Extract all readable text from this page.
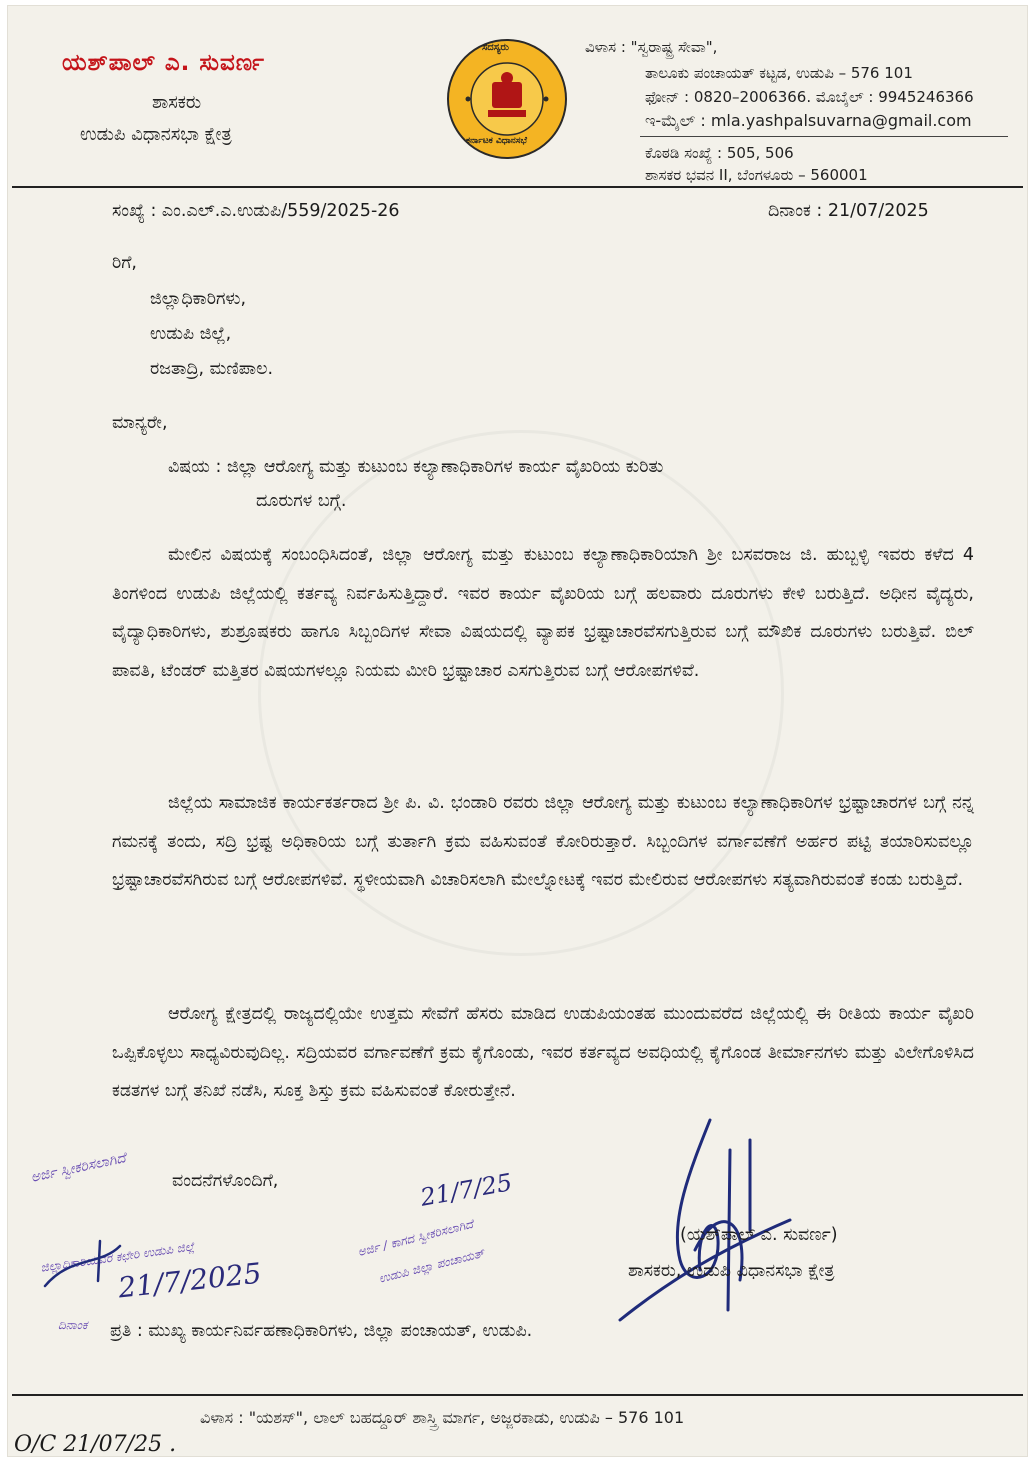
ಯಶ್‌ಪಾಲ್ ಎ. ಸುವರ್ಣ
ಶಾಸಕರು
ಉಡುಪಿ ವಿಧಾನಸಭಾ ಕ್ಷೇತ್ರ
ಸದಸ್ಯರು
ಕರ್ನಾಟಕ ವಿಧಾನಸಭೆ
ವಿಳಾಸ : "ಸ್ವರಾಷ್ಟ್ರ ಸೇವಾ",
ತಾಲೂಕು ಪಂಚಾಯತ್ ಕಟ್ಟಡ, ಉಡುಪಿ – 576 101
ಫೋನ್ : 0820–2006366. ಮೊಬೈಲ್ : 9945246366
ಇ-ಮೈಲ್ : mla.yashpalsuvarna@gmail.com
ಕೊಠಡಿ ಸಂಖ್ಯೆ : 505, 506
ಶಾಸಕರ ಭವನ II, ಬೆಂಗಳೂರು – 560001
ಸಂಖ್ಯೆ : ಎಂ.ಎಲ್.ಎ.ಉಡುಪಿ/559/2025-26	ದಿನಾಂಕ : 21/07/2025
ರಿಗೆ,
ಜಿಲ್ಲಾಧಿಕಾರಿಗಳು,
ಉಡುಪಿ ಜಿಲ್ಲೆ,
ರಜತಾದ್ರಿ, ಮಣಿಪಾಲ.
ಮಾನ್ಯರೇ,
ವಿಷಯ : ಜಿಲ್ಲಾ ಆರೋಗ್ಯ ಮತ್ತು ಕುಟುಂಬ ಕಲ್ಯಾಣಾಧಿಕಾರಿಗಳ ಕಾರ್ಯ ವೈಖರಿಯ ಕುರಿತು
ದೂರುಗಳ ಬಗ್ಗೆ.

ಮೇಲಿನ ವಿಷಯಕ್ಕೆ ಸಂಬಂಧಿಸಿದಂತೆ, ಜಿಲ್ಲಾ ಆರೋಗ್ಯ ಮತ್ತು ಕುಟುಂಬ ಕಲ್ಯಾಣಾಧಿಕಾರಿಯಾಗಿ ಶ್ರೀ ಬಸವರಾಜ ಜಿ. ಹುಬ್ಬಳ್ಳಿ ಇವರು ಕಳೆದ 4 ತಿಂಗಳಿಂದ ಉಡುಪಿ ಜಿಲ್ಲೆಯಲ್ಲಿ ಕರ್ತವ್ಯ ನಿರ್ವಹಿಸುತ್ತಿದ್ದಾರೆ. ಇವರ ಕಾರ್ಯ ವೈಖರಿಯ ಬಗ್ಗೆ ಹಲವಾರು ದೂರುಗಳು ಕೇಳಿ ಬರುತ್ತಿದೆ. ಅಧೀನ ವೈದ್ಯರು, ವೈದ್ಯಾಧಿಕಾರಿಗಳು, ಶುಶ್ರೂಷಕರು ಹಾಗೂ ಸಿಬ್ಬಂದಿಗಳ ಸೇವಾ ವಿಷಯದಲ್ಲಿ ವ್ಯಾಪಕ ಭ್ರಷ್ಟಾಚಾರವೆಸಗುತ್ತಿರುವ ಬಗ್ಗೆ ಮೌಖಿಕ ದೂರುಗಳು ಬರುತ್ತಿವೆ. ಬಿಲ್ ಪಾವತಿ, ಟೆಂಡರ್ ಮತ್ತಿತರ ವಿಷಯಗಳಲ್ಲೂ ನಿಯಮ ಮೀರಿ ಭ್ರಷ್ಟಾಚಾರ ಎಸಗುತ್ತಿರುವ ಬಗ್ಗೆ ಆರೋಪಗಳಿವೆ.

ಜಿಲ್ಲೆಯ ಸಾಮಾಜಿಕ ಕಾರ್ಯಕರ್ತರಾದ ಶ್ರೀ ಪಿ. ವಿ. ಭಂಡಾರಿ ರವರು ಜಿಲ್ಲಾ ಆರೋಗ್ಯ ಮತ್ತು ಕುಟುಂಬ ಕಲ್ಯಾಣಾಧಿಕಾರಿಗಳ ಭ್ರಷ್ಟಾಚಾರಗಳ ಬಗ್ಗೆ ನನ್ನ ಗಮನಕ್ಕೆ ತಂದು, ಸದ್ರಿ ಭ್ರಷ್ಟ ಅಧಿಕಾರಿಯ ಬಗ್ಗೆ ತುರ್ತಾಗಿ ಕ್ರಮ ವಹಿಸುವಂತೆ ಕೋರಿರುತ್ತಾರೆ. ಸಿಬ್ಬಂದಿಗಳ ವರ್ಗಾವಣೆಗೆ ಅರ್ಹರ ಪಟ್ಟಿ ತಯಾರಿಸುವಲ್ಲೂ ಭ್ರಷ್ಟಾಚಾರವೆಸಗಿರುವ ಬಗ್ಗೆ ಆರೋಪಗಳಿವೆ. ಸ್ಥಳೀಯವಾಗಿ ವಿಚಾರಿಸಲಾಗಿ ಮೇಲ್ನೋಟಕ್ಕೆ ಇವರ ಮೇಲಿರುವ ಆರೋಪಗಳು ಸತ್ಯವಾಗಿರುವಂತೆ ಕಂಡು ಬರುತ್ತಿದೆ.

ಆರೋಗ್ಯ ಕ್ಷೇತ್ರದಲ್ಲಿ ರಾಜ್ಯದಲ್ಲಿಯೇ ಉತ್ತಮ ಸೇವೆಗೆ ಹೆಸರು ಮಾಡಿದ ಉಡುಪಿಯಂತಹ ಮುಂದುವರೆದ ಜಿಲ್ಲೆಯಲ್ಲಿ ಈ ರೀತಿಯ ಕಾರ್ಯ ವೈಖರಿ ಒಪ್ಪಿಕೊಳ್ಳಲು ಸಾಧ್ಯವಿರುವುದಿಲ್ಲ. ಸದ್ರಿಯವರ ವರ್ಗಾವಣೆಗೆ ಕ್ರಮ ಕೈಗೊಂಡು, ಇವರ ಕರ್ತವ್ಯದ ಅವಧಿಯಲ್ಲಿ ಕೈಗೊಂಡ ತೀರ್ಮಾನಗಳು ಮತ್ತು ವಿಲೇಗೊಳಿಸಿದ ಕಡತಗಳ ಬಗ್ಗೆ ತನಿಖೆ ನಡೆಸಿ, ಸೂಕ್ತ ಶಿಸ್ತು ಕ್ರಮ ವಹಿಸುವಂತೆ ಕೋರುತ್ತೇನೆ.

ವಂದನೆಗಳೊಂದಿಗೆ,
(ಯಶ್‌ಪಾಲ್ ಎ. ಸುವರ್ಣ)
ಶಾಸಕರು, ಉಡುಪಿ ವಿಧಾನಸಭಾ ಕ್ಷೇತ್ರ
ಅರ್ಜಿ ಸ್ವೀಕರಿಸಲಾಗಿದೆ
ಜಿಲ್ಲಾಧಿಕಾರಿಯವರ ಕಛೇರಿ ಉಡುಪಿ ಜಿಲ್ಲೆ
21/7/2025
ದಿನಾಂಕ
ಅರ್ಜಿ / ಕಾಗದ ಸ್ವೀಕರಿಸಲಾಗಿದೆ
ಉಡುಪಿ ಜಿಲ್ಲಾ ಪಂಚಾಯತ್
21/7/25
ಪ್ರತಿ : ಮುಖ್ಯ ಕಾರ್ಯನಿರ್ವಹಣಾಧಿಕಾರಿಗಳು, ಜಿಲ್ಲಾ ಪಂಚಾಯತ್, ಉಡುಪಿ.
ವಿಳಾಸ : "ಯಶಸ್", ಲಾಲ್ ಬಹದ್ದೂರ್ ಶಾಸ್ತ್ರಿ ಮಾರ್ಗ, ಅಜ್ಜರಕಾಡು, ಉಡುಪಿ – 576 101
O/C 21/07/25 .
